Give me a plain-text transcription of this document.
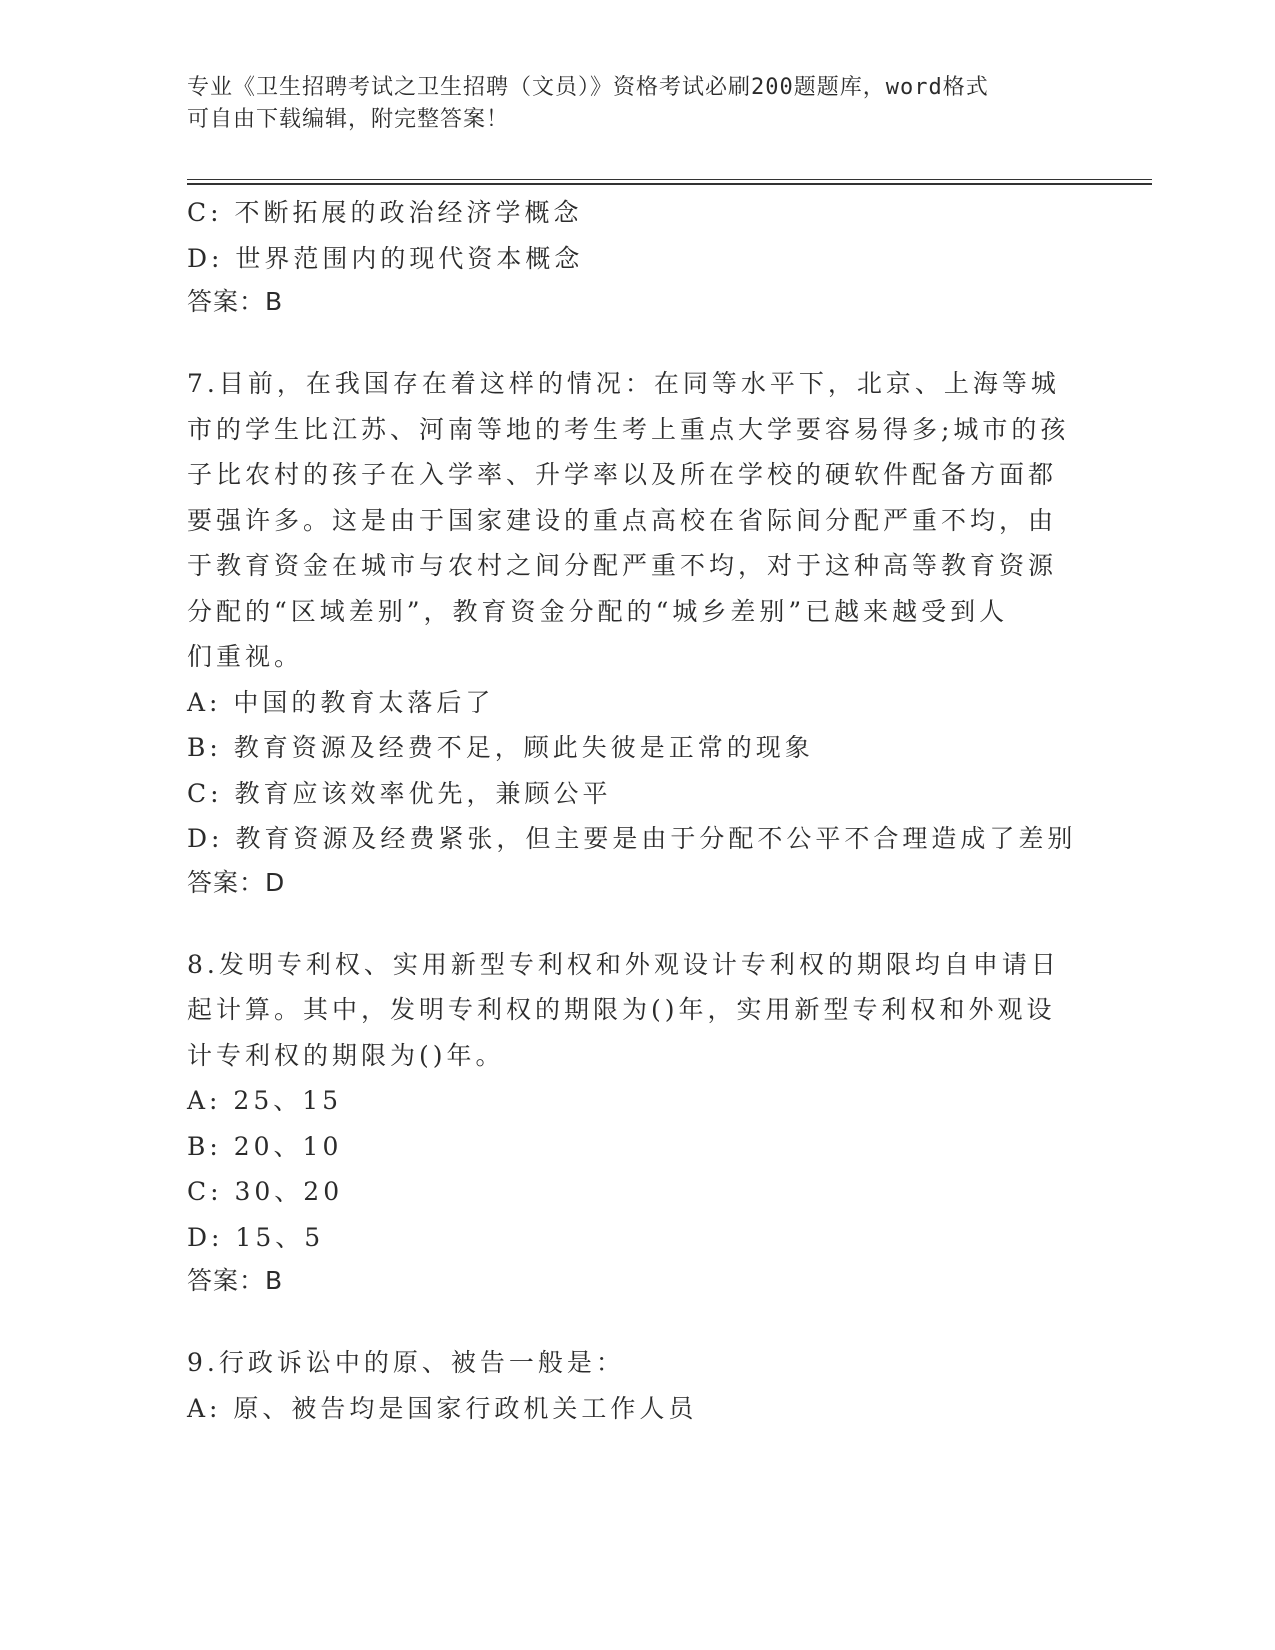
专业《卫生招聘考试之卫生招聘（文员）》资格考试必刷200题题库，word格式
可自由下载编辑，附完整答案！
C: 不断拓展的政治经济学概念
D: 世界范围内的现代资本概念
答案：B
7.目前，在我国存在着这样的情况：在同等水平下，北京、上海等城
市的学生比江苏、河南等地的考生考上重点大学要容易得多;城市的孩
子比农村的孩子在入学率、升学率以及所在学校的硬软件配备方面都
要强许多。这是由于国家建设的重点高校在省际间分配严重不均，由
于教育资金在城市与农村之间分配严重不均，对于这种高等教育资源
分配的“区域差别”，教育资金分配的“城乡差别”已越来越受到人
们重视。
A: 中国的教育太落后了
B: 教育资源及经费不足，顾此失彼是正常的现象
C: 教育应该效率优先，兼顾公平
D: 教育资源及经费紧张，但主要是由于分配不公平不合理造成了差别
答案：D
8.发明专利权、实用新型专利权和外观设计专利权的期限均自申请日
起计算。其中，发明专利权的期限为()年，实用新型专利权和外观设
计专利权的期限为()年。
A: 25、15
B: 20、10
C: 30、20
D: 15、5
答案：B
9.行政诉讼中的原、被告一般是：
A: 原、被告均是国家行政机关工作人员
